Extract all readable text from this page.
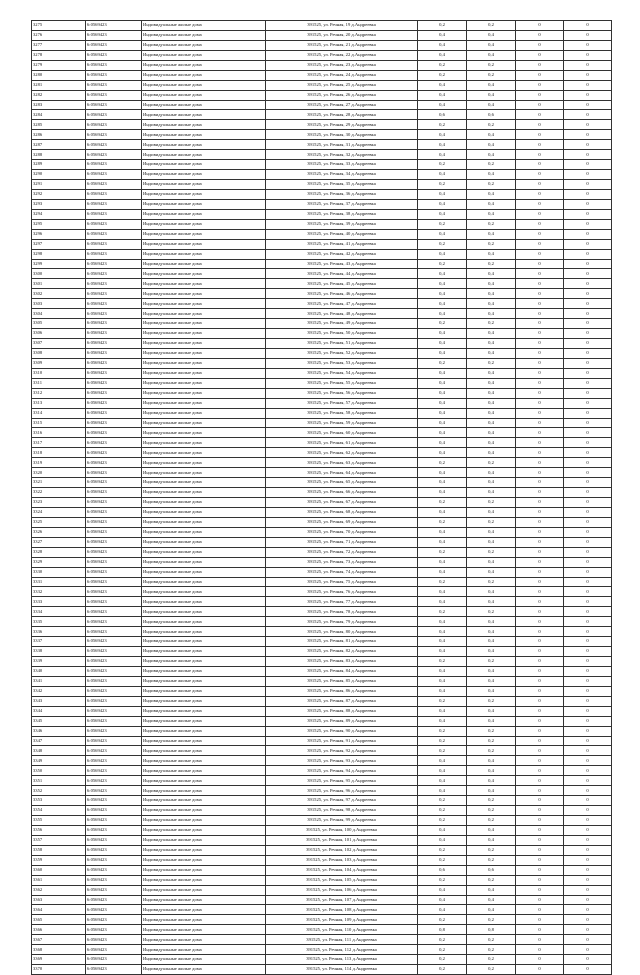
3275	6:0569423	Индивидуальные жилые дома	391525, ул. Речная, 19 д.Андреевка	0,2	0,2	0	0
3276	6:0569423	Индивидуальные жилые дома	391525, ул. Речная, 20 д.Андреевка	0,4	0,4	0	0
3277	6:0569423	Индивидуальные жилые дома	391525, ул. Речная, 21 д.Андреевка	0,4	0,4	0	0
3278	6:0569423	Индивидуальные жилые дома	391525, ул. Речная, 22 д.Андреевка	0,4	0,4	0	0
3279	6:0569423	Индивидуальные жилые дома	391525, ул. Речная, 23 д.Андреевка	0,2	0,2	0	0
3280	6:0569423	Индивидуальные жилые дома	391525, ул. Речная, 24 д.Андреевка	0,2	0,2	0	0
3281	6:0569423	Индивидуальные жилые дома	391525, ул. Речная, 25 д.Андреевка	0,4	0,4	0	0
3282	6:0569423	Индивидуальные жилые дома	391525, ул. Речная, 26 д.Андреевка	0,4	0,4	0	0
3283	6:0569423	Индивидуальные жилые дома	391525, ул. Речная, 27 д.Андреевка	0,4	0,4	0	0
3284	6:0569423	Индивидуальные жилые дома	391525, ул. Речная, 28 д.Андреевка	0,6	0,6	0	0
3285	6:0569423	Индивидуальные жилые дома	391525, ул. Речная, 29 д.Андреевка	0,2	0,2	0	0
3286	6:0569423	Индивидуальные жилые дома	391525, ул. Речная, 30 д.Андреевка	0,4	0,4	0	0
3287	6:0569423	Индивидуальные жилые дома	391525, ул. Речная, 31 д.Андреевка	0,4	0,4	0	0
3288	6:0569423	Индивидуальные жилые дома	391525, ул. Речная, 32 д.Андреевка	0,4	0,4	0	0
3289	6:0569423	Индивидуальные жилые дома	391525, ул. Речная, 33 д.Андреевка	0,2	0,2	0	0
3290	6:0569423	Индивидуальные жилые дома	391525, ул. Речная, 34 д.Андреевка	0,4	0,4	0	0
3291	6:0569423	Индивидуальные жилые дома	391525, ул. Речная, 35 д.Андреевка	0,2	0,2	0	0
3292	6:0569423	Индивидуальные жилые дома	391525, ул. Речная, 36 д.Андреевка	0,4	0,4	0	0
3293	6:0569423	Индивидуальные жилые дома	391525, ул. Речная, 37 д.Андреевка	0,4	0,4	0	0
3294	6:0569423	Индивидуальные жилые дома	391525, ул. Речная, 38 д.Андреевка	0,4	0,4	0	0
3295	6:0569423	Индивидуальные жилые дома	391525, ул. Речная, 39 д.Андреевка	0,2	0,2	0	0
3296	6:0569423	Индивидуальные жилые дома	391525, ул. Речная, 40 д.Андреевка	0,4	0,4	0	0
3297	6:0569423	Индивидуальные жилые дома	391525, ул. Речная, 41 д.Андреевка	0,2	0,2	0	0
3298	6:0569423	Индивидуальные жилые дома	391525, ул. Речная, 42 д.Андреевка	0,4	0,4	0	0
3299	6:0569423	Индивидуальные жилые дома	391525, ул. Речная, 43 д.Андреевка	0,2	0,2	0	0
3300	6:0569423	Индивидуальные жилые дома	391525, ул. Речная, 44 д.Андреевка	0,4	0,4	0	0
3301	6:0569423	Индивидуальные жилые дома	391525, ул. Речная, 45 д.Андреевка	0,4	0,4	0	0
3302	6:0569423	Индивидуальные жилые дома	391525, ул. Речная, 46 д.Андреевка	0,4	0,4	0	0
3303	6:0569423	Индивидуальные жилые дома	391525, ул. Речная, 47 д.Андреевка	0,4	0,4	0	0
3304	6:0569423	Индивидуальные жилые дома	391525, ул. Речная, 48 д.Андреевка	0,4	0,4	0	0
3305	6:0569423	Индивидуальные жилые дома	391525, ул. Речная, 49 д.Андреевка	0,2	0,2	0	0
3306	6:0569423	Индивидуальные жилые дома	391525, ул. Речная, 50 д.Андреевка	0,4	0,4	0	0
3307	6:0569423	Индивидуальные жилые дома	391525, ул. Речная, 51 д.Андреевка	0,4	0,4	0	0
3308	6:0569423	Индивидуальные жилые дома	391525, ул. Речная, 52 д.Андреевка	0,4	0,4	0	0
3309	6:0569423	Индивидуальные жилые дома	391525, ул. Речная, 53 д.Андреевка	0,2	0,2	0	0
3310	6:0569423	Индивидуальные жилые дома	391525, ул. Речная, 54 д.Андреевка	0,4	0,4	0	0
3311	6:0569423	Индивидуальные жилые дома	391525, ул. Речная, 55 д.Андреевка	0,4	0,4	0	0
3312	6:0569423	Индивидуальные жилые дома	391525, ул. Речная, 56 д.Андреевка	0,4	0,4	0	0
3313	6:0569423	Индивидуальные жилые дома	391525, ул. Речная, 57 д.Андреевка	0,4	0,4	0	0
3314	6:0569423	Индивидуальные жилые дома	391525, ул. Речная, 58 д.Андреевка	0,4	0,4	0	0
3315	6:0569423	Индивидуальные жилые дома	391525, ул. Речная, 59 д.Андреевка	0,4	0,4	0	0
3316	6:0569423	Индивидуальные жилые дома	391525, ул. Речная, 60 д.Андреевка	0,4	0,4	0	0
3317	6:0569423	Индивидуальные жилые дома	391525, ул. Речная, 61 д.Андреевка	0,4	0,4	0	0
3318	6:0569423	Индивидуальные жилые дома	391525, ул. Речная, 62 д.Андреевка	0,4	0,4	0	0
3319	6:0569423	Индивидуальные жилые дома	391525, ул. Речная, 63 д.Андреевка	0,2	0,2	0	0
3320	6:0569423	Индивидуальные жилые дома	391525, ул. Речная, 64 д.Андреевка	0,4	0,4	0	0
3321	6:0569423	Индивидуальные жилые дома	391525, ул. Речная, 65 д.Андреевка	0,4	0,4	0	0
3322	6:0569423	Индивидуальные жилые дома	391525, ул. Речная, 66 д.Андреевка	0,4	0,4	0	0
3323	6:0569423	Индивидуальные жилые дома	391525, ул. Речная, 67 д.Андреевка	0,2	0,2	0	0
3324	6:0569423	Индивидуальные жилые дома	391525, ул. Речная, 68 д.Андреевка	0,4	0,4	0	0
3325	6:0569423	Индивидуальные жилые дома	391525, ул. Речная, 69 д.Андреевка	0,2	0,2	0	0
3326	6:0569423	Индивидуальные жилые дома	391525, ул. Речная, 70 д.Андреевка	0,4	0,4	0	0
3327	6:0569423	Индивидуальные жилые дома	391525, ул. Речная, 71 д.Андреевка	0,4	0,4	0	0
3328	6:0569423	Индивидуальные жилые дома	391525, ул. Речная, 72 д.Андреевка	0,2	0,2	0	0
3329	6:0569423	Индивидуальные жилые дома	391525, ул. Речная, 73 д.Андреевка	0,4	0,4	0	0
3330	6:0569423	Индивидуальные жилые дома	391525, ул. Речная, 74 д.Андреевка	0,4	0,4	0	0
3331	6:0569423	Индивидуальные жилые дома	391525, ул. Речная, 75 д.Андреевка	0,2	0,2	0	0
3332	6:0569423	Индивидуальные жилые дома	391525, ул. Речная, 76 д.Андреевка	0,4	0,4	0	0
3333	6:0569423	Индивидуальные жилые дома	391525, ул. Речная, 77 д.Андреевка	0,4	0,4	0	0
3334	6:0569423	Индивидуальные жилые дома	391525, ул. Речная, 78 д.Андреевка	0,2	0,2	0	0
3335	6:0569423	Индивидуальные жилые дома	391525, ул. Речная, 79 д.Андреевка	0,4	0,4	0	0
3336	6:0569423	Индивидуальные жилые дома	391525, ул. Речная, 80 д.Андреевка	0,4	0,4	0	0
3337	6:0569423	Индивидуальные жилые дома	391525, ул. Речная, 81 д.Андреевка	0,4	0,4	0	0
3338	6:0569423	Индивидуальные жилые дома	391525, ул. Речная, 82 д.Андреевка	0,4	0,4	0	0
3339	6:0569423	Индивидуальные жилые дома	391525, ул. Речная, 83 д.Андреевка	0,2	0,2	0	0
3340	6:0569423	Индивидуальные жилые дома	391525, ул. Речная, 84 д.Андреевка	0,4	0,4	0	0
3341	6:0569423	Индивидуальные жилые дома	391525, ул. Речная, 85 д.Андреевка	0,4	0,4	0	0
3342	6:0569423	Индивидуальные жилые дома	391525, ул. Речная, 86 д.Андреевка	0,4	0,4	0	0
3343	6:0569423	Индивидуальные жилые дома	391525, ул. Речная, 87 д.Андреевка	0,2	0,2	0	0
3344	6:0569423	Индивидуальные жилые дома	391525, ул. Речная, 88 д.Андреевка	0,4	0,4	0	0
3345	6:0569423	Индивидуальные жилые дома	391525, ул. Речная, 89 д.Андреевка	0,4	0,4	0	0
3346	6:0569423	Индивидуальные жилые дома	391525, ул. Речная, 90 д.Андреевка	0,2	0,2	0	0
3347	6:0569423	Индивидуальные жилые дома	391525, ул. Речная, 91 д.Андреевка	0,2	0,2	0	0
3348	6:0569423	Индивидуальные жилые дома	391525, ул. Речная, 92 д.Андреевка	0,2	0,2	0	0
3349	6:0569423	Индивидуальные жилые дома	391525, ул. Речная, 93 д.Андреевка	0,4	0,4	0	0
3350	6:0569423	Индивидуальные жилые дома	391525, ул. Речная, 94 д.Андреевка	0,4	0,4	0	0
3351	6:0569423	Индивидуальные жилые дома	391525, ул. Речная, 95 д.Андреевка	0,4	0,4	0	0
3352	6:0569423	Индивидуальные жилые дома	391525, ул. Речная, 96 д.Андреевка	0,4	0,4	0	0
3353	6:0569423	Индивидуальные жилые дома	391525, ул. Речная, 97 д.Андреевка	0,2	0,2	0	0
3354	6:0569423	Индивидуальные жилые дома	391525, ул. Речная, 98 д.Андреевка	0,2	0,2	0	0
3355	6:0569423	Индивидуальные жилые дома	391525, ул. Речная, 99 д.Андреевка	0,2	0,2	0	0
3356	6:0569423	Индивидуальные жилые дома	391525, ул. Речная, 100 д.Андреевка	0,4	0,4	0	0
3357	6:0569423	Индивидуальные жилые дома	391525, ул. Речная, 101 д.Андреевка	0,4	0,4	0	0
3358	6:0569423	Индивидуальные жилые дома	391525, ул. Речная, 102 д.Андреевка	0,2	0,2	0	0
3359	6:0569423	Индивидуальные жилые дома	391525, ул. Речная, 103 д.Андреевка	0,2	0,2	0	0
3360	6:0569423	Индивидуальные жилые дома	391525, ул. Речная, 104 д.Андреевка	0,6	0,6	0	0
3361	6:0569423	Индивидуальные жилые дома	391525, ул. Речная, 105 д.Андреевка	0,2	0,2	0	0
3362	6:0569423	Индивидуальные жилые дома	391525, ул. Речная, 106 д.Андреевка	0,4	0,4	0	0
3363	6:0569423	Индивидуальные жилые дома	391525, ул. Речная, 107 д.Андреевка	0,4	0,4	0	0
3364	6:0569423	Индивидуальные жилые дома	391525, ул. Речная, 108 д.Андреевка	0,4	0,4	0	0
3365	6:0569423	Индивидуальные жилые дома	391525, ул. Речная, 109 д.Андреевка	0,2	0,2	0	0
3366	6:0569423	Индивидуальные жилые дома	391525, ул. Речная, 110 д.Андреевка	0,8	0,8	0	0
3367	6:0569423	Индивидуальные жилые дома	391525, ул. Речная, 111 д.Андреевка	0,2	0,2	0	0
3368	6:0569423	Индивидуальные жилые дома	391525, ул. Речная, 112 д.Андреевка	0,2	0,2	0	0
3369	6:0569423	Индивидуальные жилые дома	391525, ул. Речная, 113 д.Андреевка	0,2	0,2	0	0
3370	6:0569423	Индивидуальные жилые дома	391525, ул. Речная, 114 д.Андреевка	0,2	0,2	0	0
